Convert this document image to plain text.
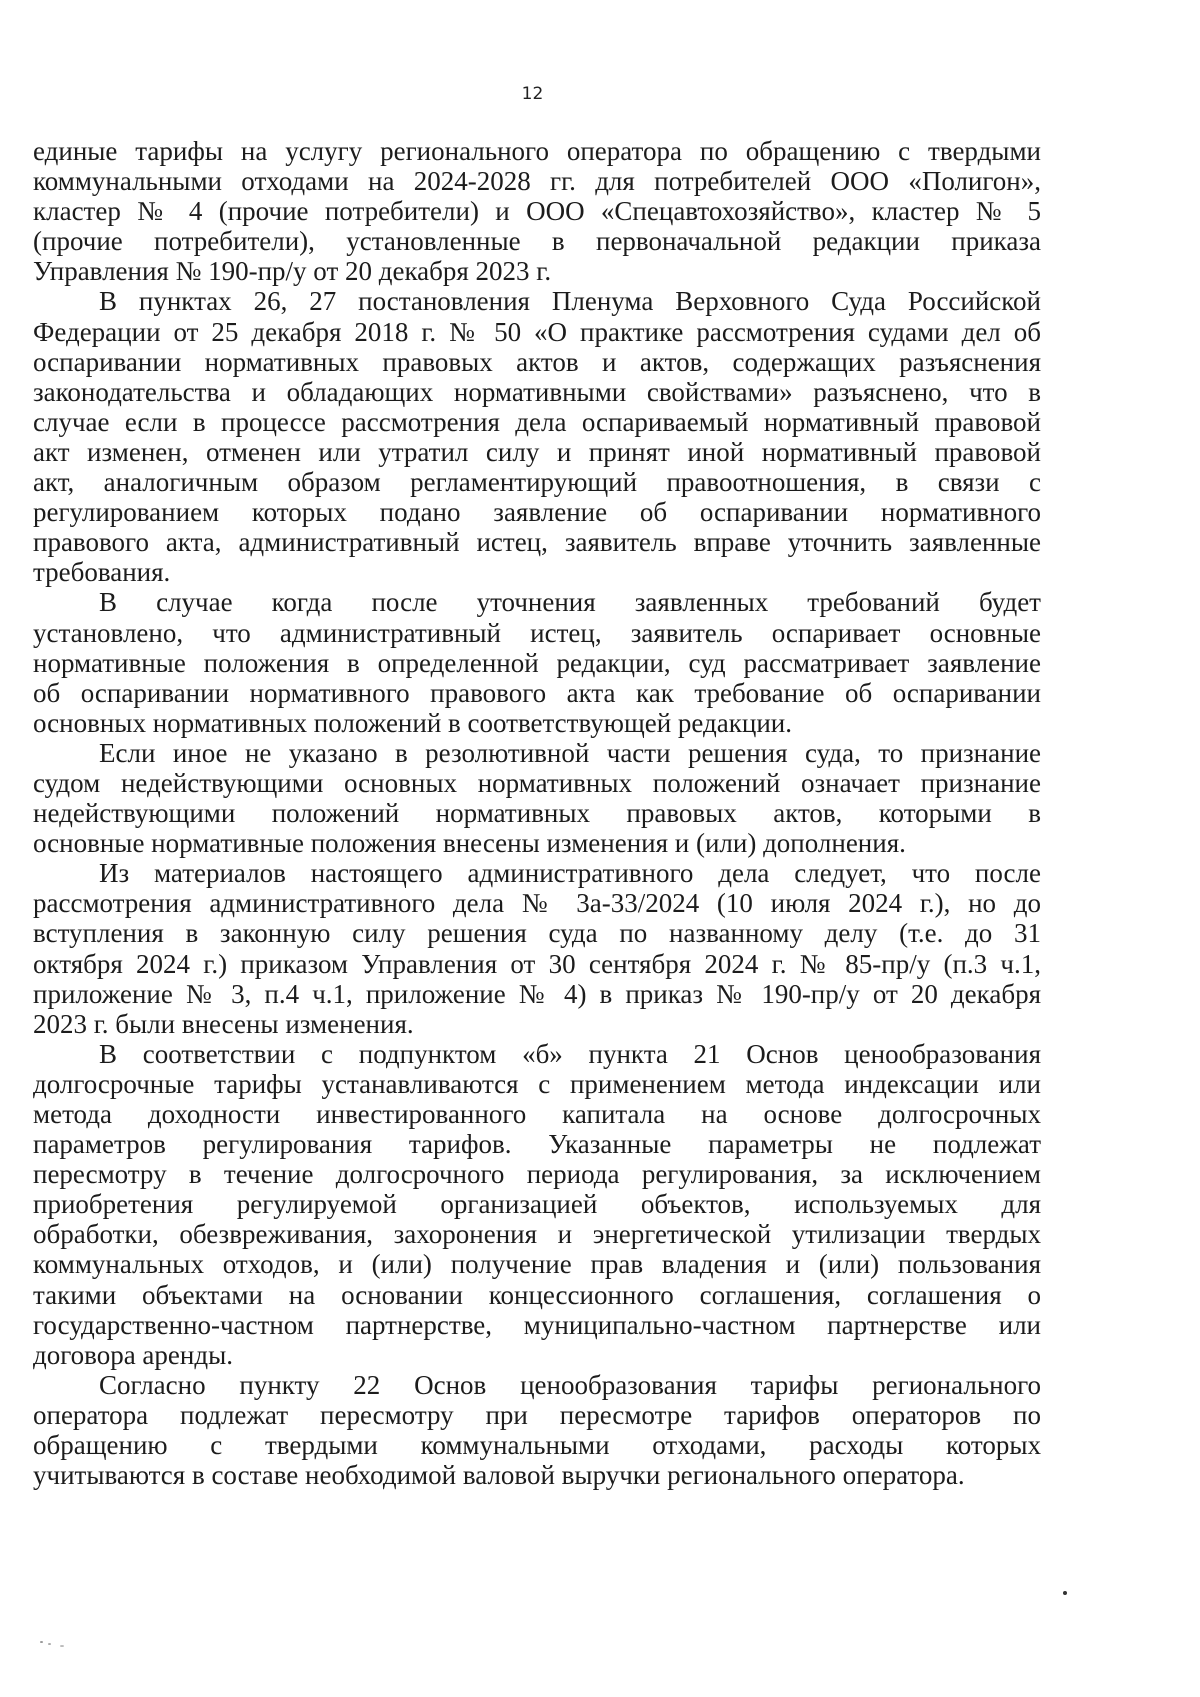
12
единые тарифы на услугу регионального оператора по обращению с твердыми
коммунальными отходами на 2024-2028 гг. для потребителей ООО «Полигон»,
кластер № 4 (прочие потребители) и ООО «Спецавтохозяйство», кластер № 5
(прочие потребители), установленные в первоначальной редакции приказа
Управления № 190-пр/у от 20 декабря 2023 г.
В пунктах 26, 27 постановления Пленума Верховного Суда Российской
Федерации от 25 декабря 2018 г. № 50 «О практике рассмотрения судами дел об
оспаривании нормативных правовых актов и актов, содержащих разъяснения
законодательства и обладающих нормативными свойствами» разъяснено, что в
случае если в процессе рассмотрения дела оспариваемый нормативный правовой
акт изменен, отменен или утратил силу и принят иной нормативный правовой
акт, аналогичным образом регламентирующий правоотношения, в связи с
регулированием которых подано заявление об оспаривании нормативного
правового акта, административный истец, заявитель вправе уточнить заявленные
требования.
В случае когда после уточнения заявленных требований будет
установлено, что административный истец, заявитель оспаривает основные
нормативные положения в определенной редакции, суд рассматривает заявление
об оспаривании нормативного правового акта как требование об оспаривании
основных нормативных положений в соответствующей редакции.
Если иное не указано в резолютивной части решения суда, то признание
судом недействующими основных нормативных положений означает признание
недействующими положений нормативных правовых актов, которыми в
основные нормативные положения внесены изменения и (или) дополнения.
Из материалов настоящего административного дела следует, что после
рассмотрения административного дела № 3а-33/2024 (10 июля 2024 г.), но до
вступления в законную силу решения суда по названному делу (т.е. до 31
октября 2024 г.) приказом Управления от 30 сентября 2024 г. № 85-пр/у (п.3 ч.1,
приложение № 3, п.4 ч.1, приложение № 4) в приказ № 190-пр/у от 20 декабря
2023 г. были внесены изменения.
В соответствии с подпунктом «б» пункта 21 Основ ценообразования
долгосрочные тарифы устанавливаются с применением метода индексации или
метода доходности инвестированного капитала на основе долгосрочных
параметров регулирования тарифов. Указанные параметры не подлежат
пересмотру в течение долгосрочного периода регулирования, за исключением
приобретения регулируемой организацией объектов, используемых для
обработки, обезвреживания, захоронения и энергетической утилизации твердых
коммунальных отходов, и (или) получение прав владения и (или) пользования
такими объектами на основании концессионного соглашения, соглашения о
государственно-частном партнерстве, муниципально-частном партнерстве или
договора аренды.
Согласно пункту 22 Основ ценообразования тарифы регионального
оператора подлежат пересмотру при пересмотре тарифов операторов по
обращению с твердыми коммунальными отходами, расходы которых
учитываются в составе необходимой валовой выручки регионального оператора.
